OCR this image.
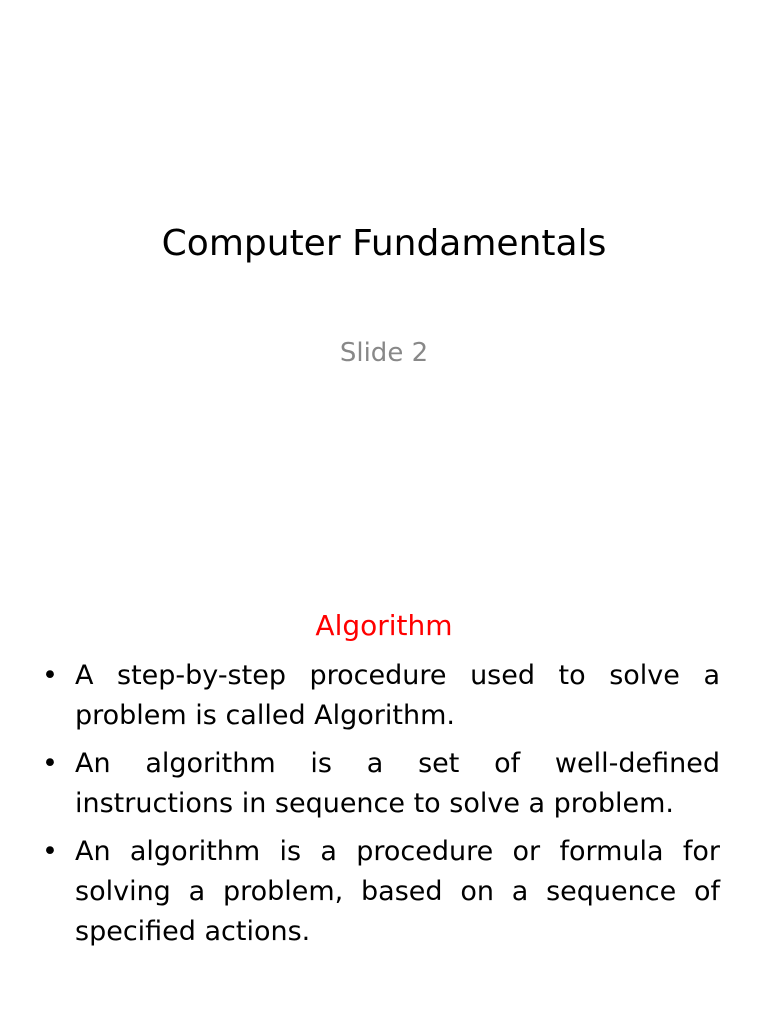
Computer Fundamentals
Slide 2
Algorithm
• A step-by-step procedure used to solve a problem is called Algorithm.
• An algorithm is a set of well-defined instructions in sequence to solve a problem.
• An algorithm is a procedure or formula for solving a problem, based on a sequence of specified actions.
